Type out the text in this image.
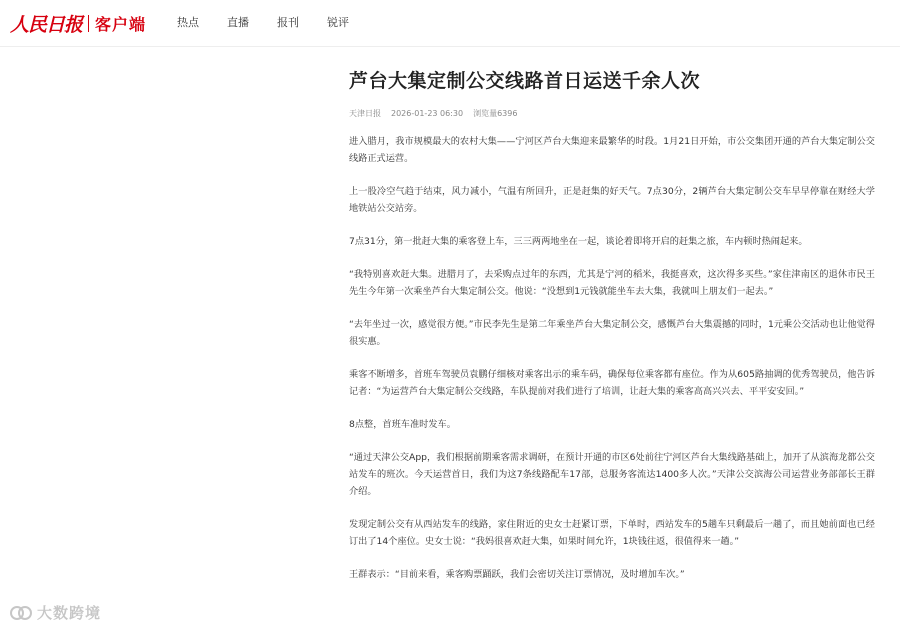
人民日报 客户端	热点	直播	报刊	锐评
芦台大集定制公交线路首日运送千余人次
天津日报 2026-01-23 06:30 浏览量 6396

进入腊月，我市规模最大的农村大集——宁河区芦台大集迎来最繁华的时段。1月21日开始，市公交集团开通的芦台大集定制公交线路正式运营。

上一股冷空气趋于结束，风力减小，气温有所回升，正是赶集的好天气。7点30分，2辆芦台大集定制公交车早早停靠在财经大学地铁站公交站旁。

7点31分，第一批赶大集的乘客登上车，三三两两地坐在一起，谈论着即将开启的赶集之旅，车内顿时热闹起来。

“我特别喜欢赶大集。进腊月了，去采购点过年的东西，尤其是宁河的稻米，我挺喜欢，这次得多买些。”家住津南区的退休市民王先生今年第一次乘坐芦台大集定制公交。他说：“没想到1元钱就能坐车去大集，我就叫上朋友们一起去。”

“去年坐过一次，感觉很方便。”市民李先生是第二年乘坐芦台大集定制公交，感慨芦台大集震撼的同时，1元乘公交活动也让他觉得很实惠。

乘客不断增多，首班车驾驶员袁鹏仔细核对乘客出示的乘车码，确保每位乘客都有座位。作为从605路抽调的优秀驾驶员，他告诉记者：“为运营芦台大集定制公交线路，车队提前对我们进行了培训，让赶大集的乘客高高兴兴去、平平安安回。”

8点整，首班车准时发车。

“通过天津公交App，我们根据前期乘客需求调研，在预计开通的市区6处前往宁河区芦台大集线路基础上，加开了从滨海龙都公交站发车的班次。今天运营首日，我们为这7条线路配车17部，总服务客流达1400多人次。”天津公交滨海公司运营业务部部长王群介绍。

发现定制公交有从西站发车的线路，家住附近的史女士赶紧订票，下单时，西站发车的5趟车只剩最后一趟了，而且她前面也已经订出了14个座位。史女士说：“我妈很喜欢赶大集，如果时间允许，1块钱往返，很值得来一趟。”

王群表示：“目前来看，乘客购票踊跃，我们会密切关注订票情况，及时增加车次。”

大数跨境
